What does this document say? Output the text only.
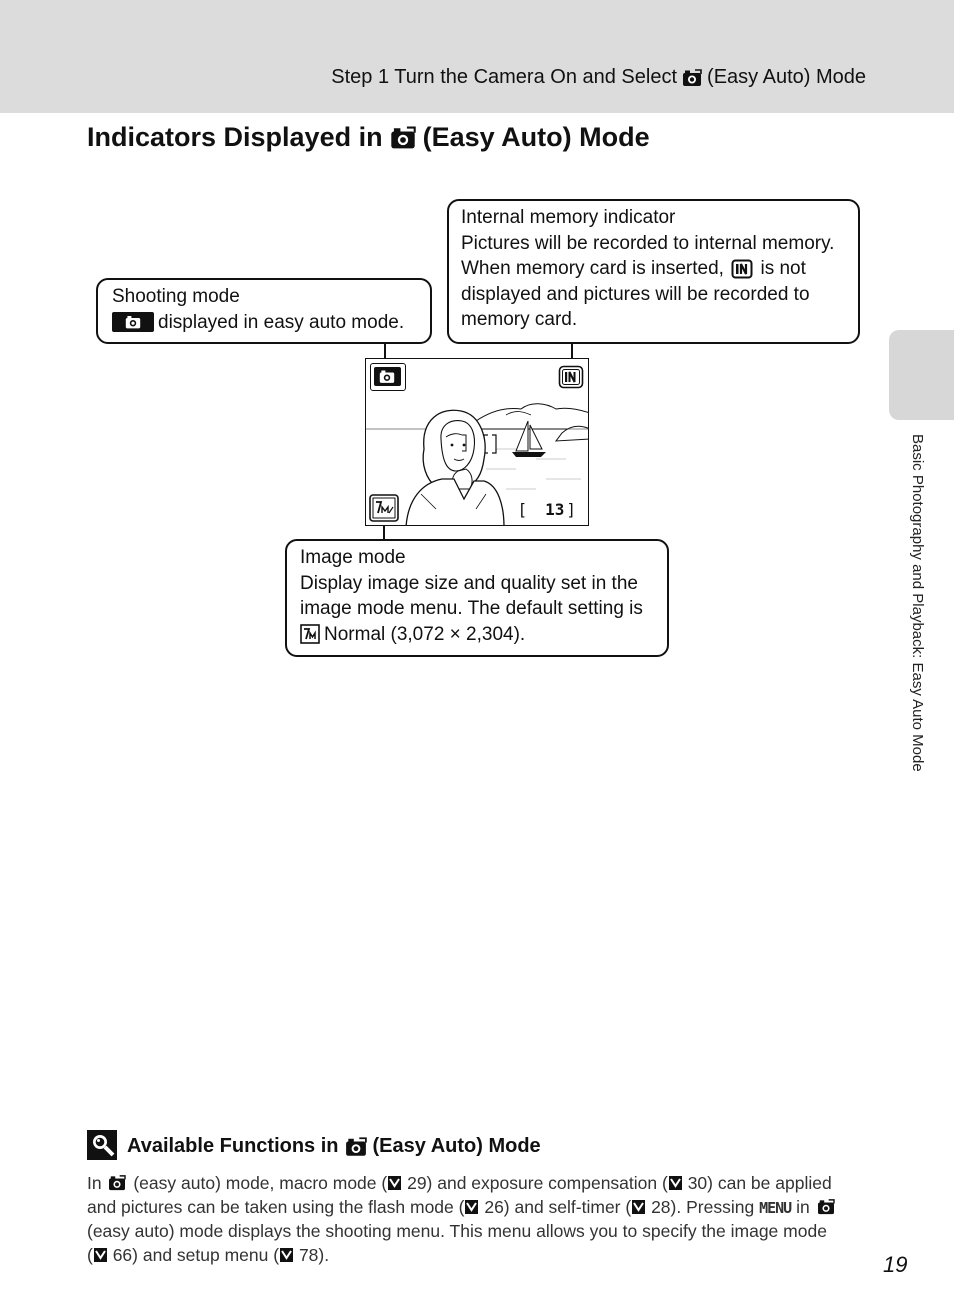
Step 1 Turn the Camera On and Select (Easy Auto) Mode
Indicators Displayed in (Easy Auto) Mode
Shooting mode
displayed in easy auto mode.
Internal memory indicator
Pictures will be recorded to internal memory.
When memory card is inserted, is not
displayed and pictures will be recorded to
memory card.
Image mode
Display image size and quality set in the
image mode menu. The default setting is
Normal (3,072 × 2,304).
[ 13 ]	Basic Photography and Playback: Easy Auto Mode
Available Functions in (Easy Auto) Mode
In (easy auto) mode, macro mode ( 29) and exposure compensation ( 30) can be applied
and pictures can be taken using the flash mode ( 26) and self-timer ( 28). Pressing MENU in
(easy auto) mode displays the shooting menu. This menu allows you to specify the image mode
( 66) and setup menu ( 78).	19
